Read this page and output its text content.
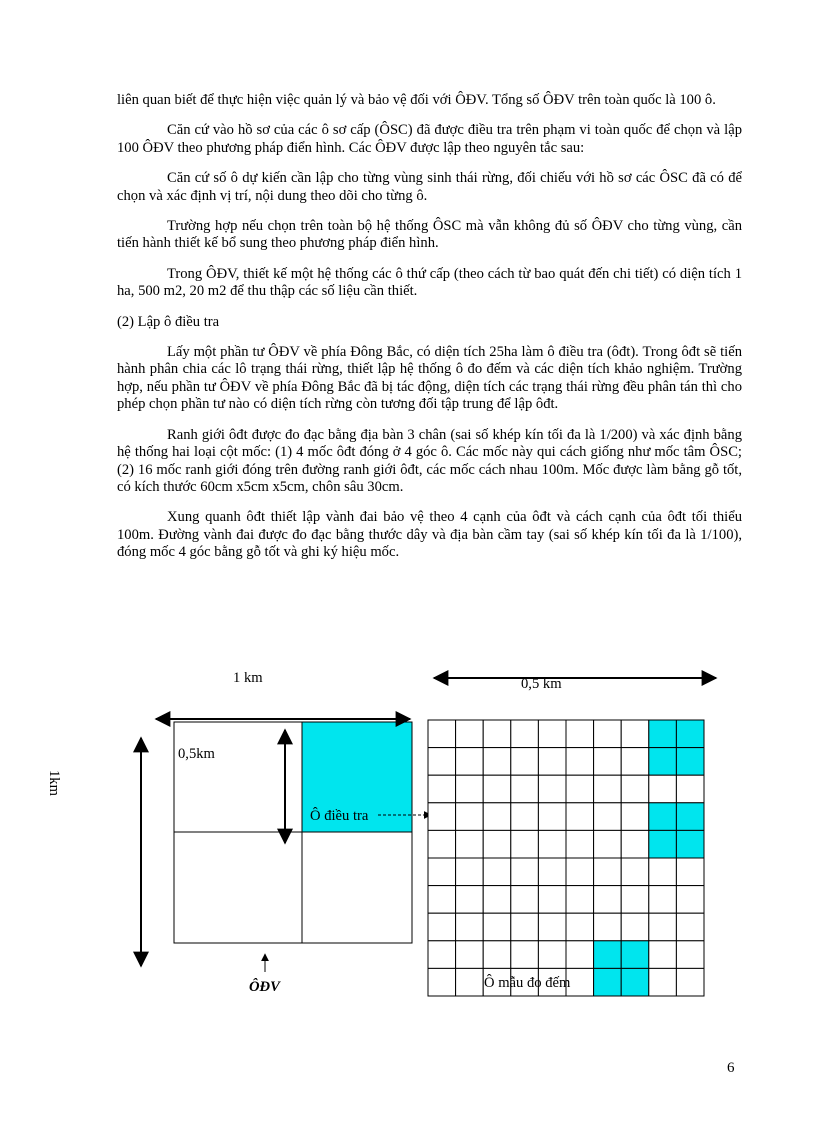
liên quan biết để thực hiện việc quản lý và bảo vệ đối với ÔĐV. Tổng số ÔĐV trên toàn quốc là 100 ô.

Căn cứ vào hồ sơ của các ô sơ cấp (ÔSC) đã được điều tra trên phạm vi toàn quốc để chọn và lập 100 ÔĐV theo phương pháp điển hình. Các ÔĐV được lập theo nguyên tắc sau:

Căn cứ số ô dự kiến cần lập cho từng vùng sinh thái rừng, đối chiếu với hồ sơ các ÔSC đã có để chọn và xác định vị trí, nội dung theo dõi cho từng ô.

Trường hợp nếu chọn trên toàn bộ hệ thống ÔSC mà vẫn không đủ số ÔĐV cho từng vùng, cần tiến hành thiết kế bổ sung theo phương pháp điển hình.

Trong ÔĐV, thiết kế một hệ thống các ô thứ cấp (theo cách từ bao quát đến chi tiết) có diện tích 1 ha, 500 m2, 20 m2 để thu thập các số liệu cần thiết.

(2) Lập ô điều tra

Lấy một phần tư ÔĐV về phía Đông Bắc, có diện tích 25ha làm ô điều tra (ôđt). Trong ôđt sẽ tiến hành phân chia các lô trạng thái rừng, thiết lập hệ thống ô đo đếm và các diện tích khảo nghiệm. Trường hợp, nếu phần tư ÔĐV về phía Đông Bắc đã bị tác động, diện tích các trạng thái rừng đều phân tán thì cho phép chọn phần tư nào có diện tích rừng còn tương đối tập trung để lập ôđt.

Ranh giới ôđt được đo đạc bằng địa bàn 3 chân (sai số khép kín tối đa là 1/200) và xác định bằng hệ thống hai loại cột mốc: (1) 4 mốc ôđt đóng ở 4 góc ô. Các mốc này qui cách giống như mốc tâm ÔSC; (2) 16 mốc ranh giới đóng trên đường ranh giới ôđt, các mốc cách nhau 100m. Mốc được làm bằng gỗ tốt, có kích thước 60cm x5cm x5cm, chôn sâu 30cm.

Xung quanh ôđt thiết lập vành đai bảo vệ theo 4 cạnh của ôđt và cách cạnh của ôđt tối thiểu 100m. Đường vành đai được đo đạc bằng thước dây và địa bàn cầm tay (sai số khép kín tối đa là 1/100), đóng mốc 4 góc bằng gỗ tốt và ghi ký hiệu mốc.

1 km	0,5 km
1km
0,5km
Ô điều tra
ÔĐV	Ô mẫu đo đếm
6
